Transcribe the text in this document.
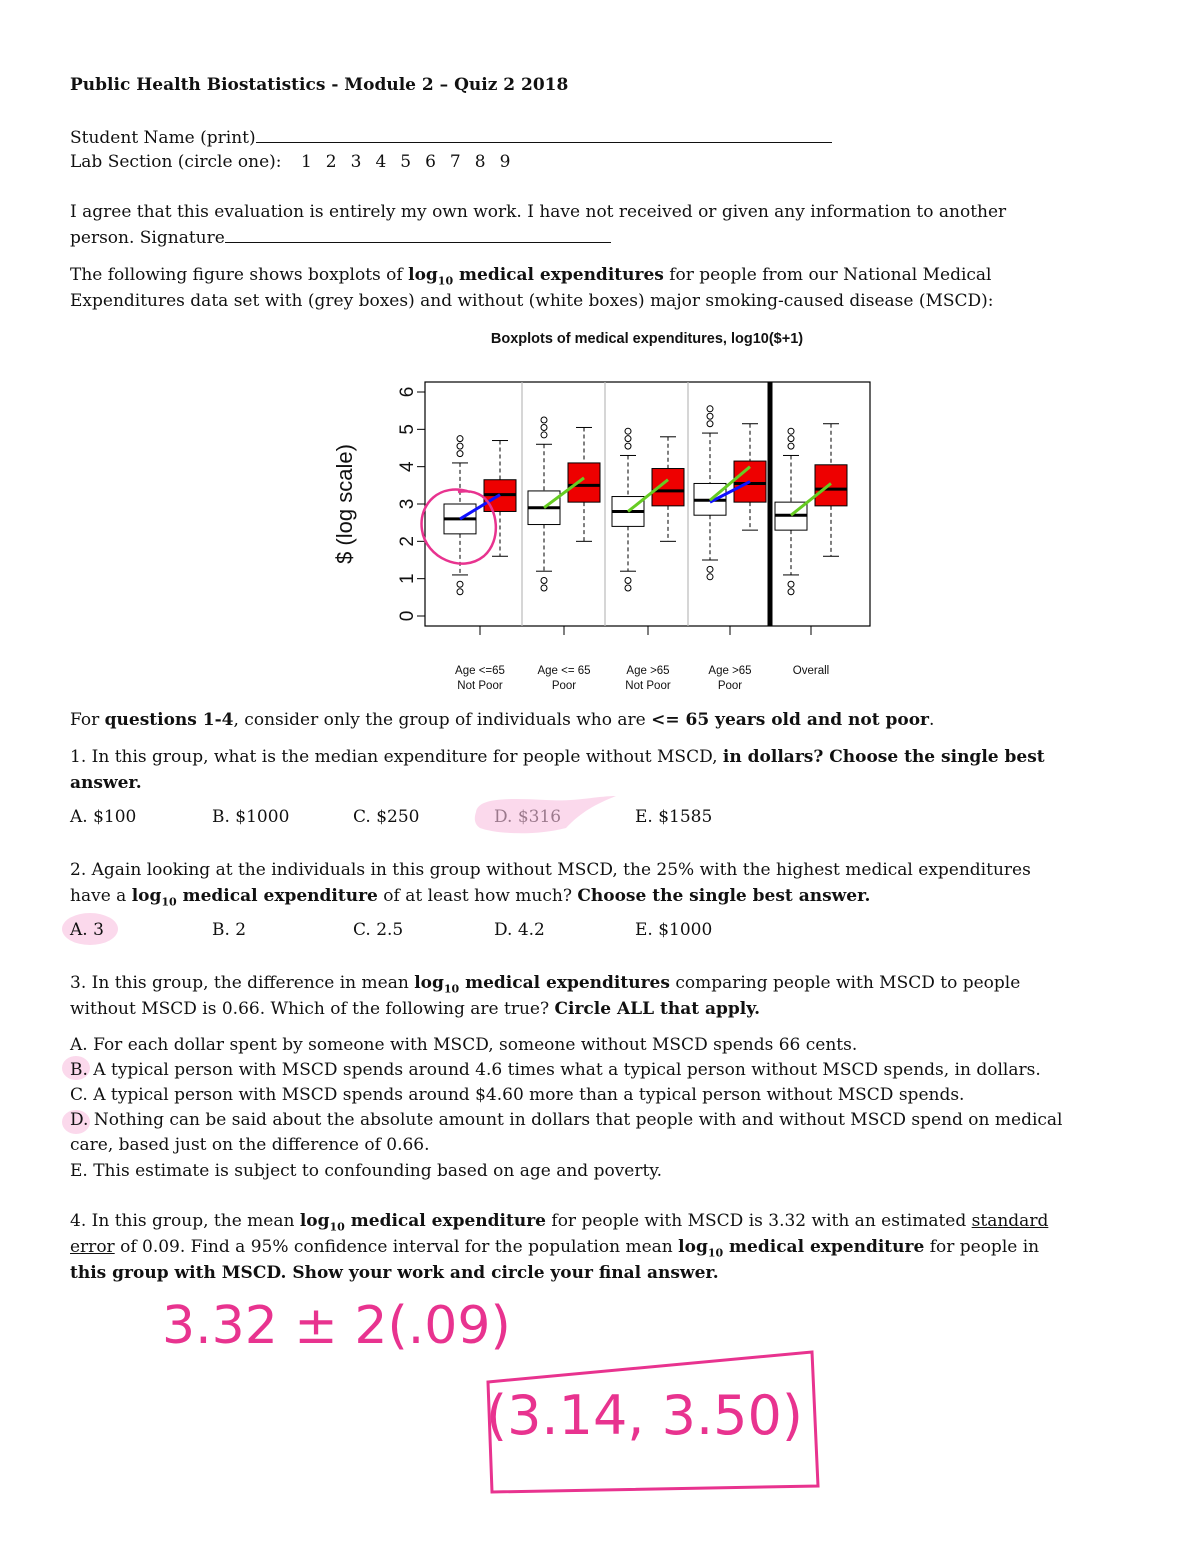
Public Health Biostatistics - Module 2 – Quiz 2 2018
Student Name (print)
Lab Section (circle one): 1 2 3 4 5 6 7 8 9
I agree that this evaluation is entirely my own work. I have not received or given any information to another
person. Signature
The following figure shows boxplots of $\log_{10}$ medical expenditures for people from our National Medical
Expenditures data set with (grey boxes) and without (white boxes) major smoking-caused disease (MSCD):
Boxplots of medical expenditures, log10($+1)
0
1
2
3
4
5
6
$ (log scale)
Age <=65
Not Poor
Age <= 65
Poor
Age >65
Not Poor
Age >65
Poor
Overall
For questions 1-4, consider only the group of individuals who are <= 65 years old and not poor.
1. In this group, what is the median expenditure for people without MSCD, in dollars? Choose the single best
answer.
A. $100	B. $1000	C. $250	E. $1585
2. Again looking at the individuals in this group without MSCD, the 25% with the highest medical expenditures
have a $\log_{10}$ medical expenditure of at least how much? Choose the single best answer.
A. 3	B. 2	C. 2.5	D. 4.2	E. $1000
3. In this group, the difference in mean $\log_{10}$ medical expenditures comparing people with MSCD to people
without MSCD is 0.66. Which of the following are true? Circle ALL that apply.
A. For each dollar spent by someone with MSCD, someone without MSCD spends 66 cents.
B. A typical person with MSCD spends around 4.6 times what a typical person without MSCD spends, in dollars.
C. A typical person with MSCD spends around $4.60 more than a typical person without MSCD spends.
D. Nothing can be said about the absolute amount in dollars that people with and without MSCD spend on medical
care, based just on the difference of 0.66.
E. This estimate is subject to confounding based on age and poverty.
4. In this group, the mean $\log_{10}$ medical expenditure for people with MSCD is 3.32 with an estimated standard
error of 0.09. Find a 95% confidence interval for the population mean $\log_{10}$ medical expenditure for people in
this group with MSCD. Show your work and circle your final answer.
3.32 ± 2(.09)
(3.14, 3.50)
